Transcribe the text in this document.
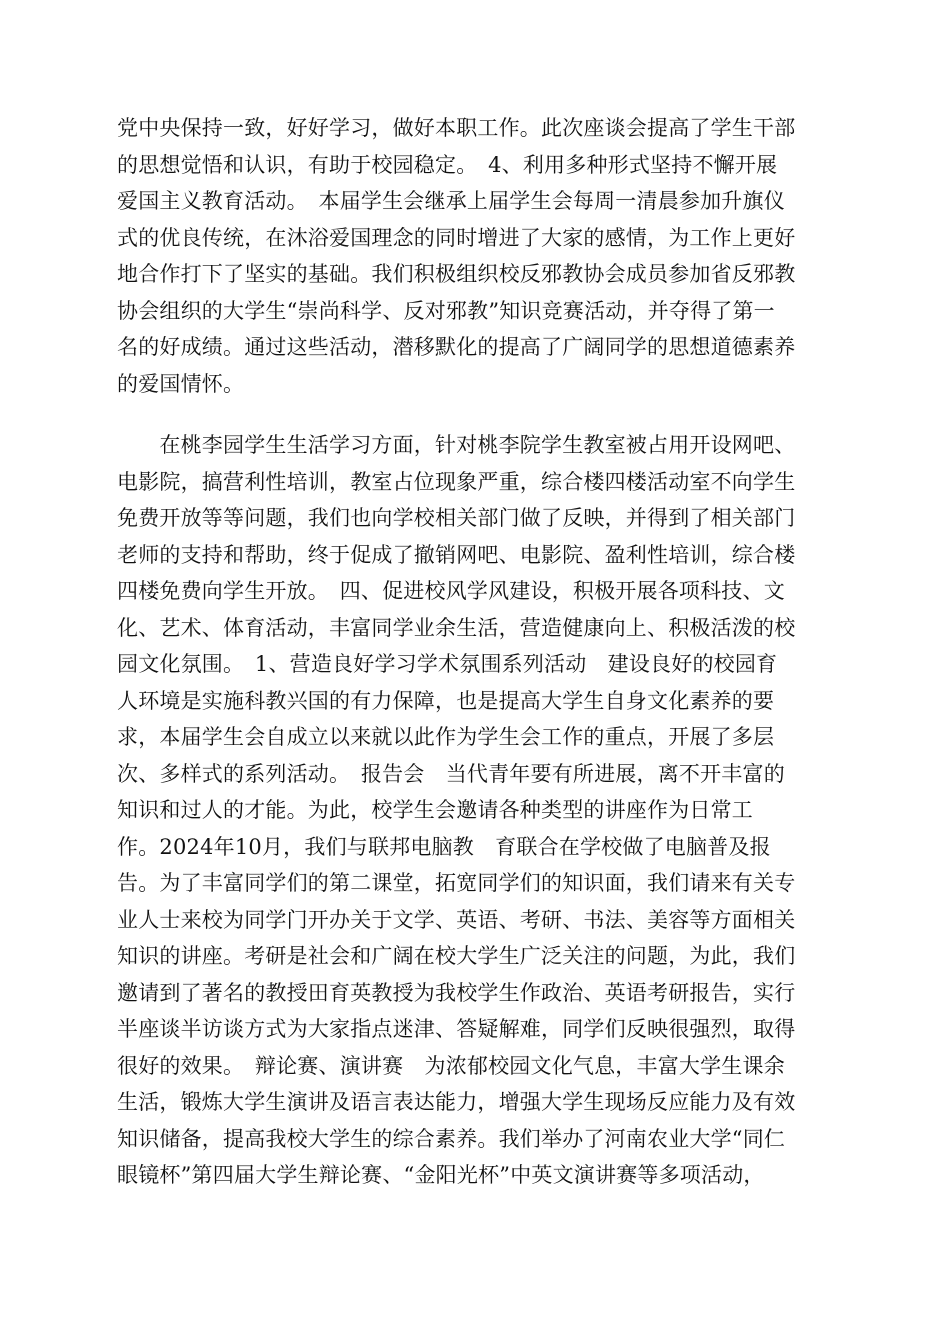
党中央保持一致，好好学习，做好本职工作。此次座谈会提高了学生干部
的思想觉悟和认识，有助于校园稳定。　4、利用多种形式坚持不懈开展
爱国主义教育活动。　本届学生会继承上届学生会每周一清晨参加升旗仪
式的优良传统，在沐浴爱国理念的同时增进了大家的感情，为工作上更好
地合作打下了坚实的基础。我们积极组织校反邪教协会成员参加省反邪教
协会组织的大学生“崇尚科学、反对邪教”知识竞赛活动，并夺得了第一
名的好成绩。通过这些活动，潜移默化的提高了广阔同学的思想道德素养
的爱国情怀。
　　在桃李园学生生活学习方面，针对桃李院学生教室被占用开设网吧、
电影院，搞营利性培训，教室占位现象严重，综合楼四楼活动室不向学生
免费开放等等问题，我们也向学校相关部门做了反映，并得到了相关部门
老师的支持和帮助，终于促成了撤销网吧、电影院、盈利性培训，综合楼
四楼免费向学生开放。　四、促进校风学风建设，积极开展各项科技、文
化、艺术、体育活动，丰富同学业余生活，营造健康向上、积极活泼的校
园文化氛围。　1、营造良好学习学术氛围系列活动　建设良好的校园育
人环境是实施科教兴国的有力保障，也是提高大学生自身文化素养的要
求，本届学生会自成立以来就以此作为学生会工作的重点，开展了多层
次、多样式的系列活动。　报告会　当代青年要有所进展，离不开丰富的
知识和过人的才能。为此，校学生会邀请各种类型的讲座作为日常工
作。2024年10月，我们与联邦电脑教　育联合在学校做了电脑普及报
告。为了丰富同学们的第二课堂，拓宽同学们的知识面，我们请来有关专
业人士来校为同学门开办关于文学、英语、考研、书法、美容等方面相关
知识的讲座。考研是社会和广阔在校大学生广泛关注的问题，为此，我们
邀请到了著名的教授田育英教授为我校学生作政治、英语考研报告，实行
半座谈半访谈方式为大家指点迷津、答疑解难，同学们反映很强烈，取得
很好的效果。　辩论赛、演讲赛　为浓郁校园文化气息，丰富大学生课余
生活，锻炼大学生演讲及语言表达能力，增强大学生现场反应能力及有效
知识储备，提高我校大学生的综合素养。我们举办了河南农业大学“同仁
眼镜杯”第四届大学生辩论赛、“金阳光杯”中英文演讲赛等多项活动，
